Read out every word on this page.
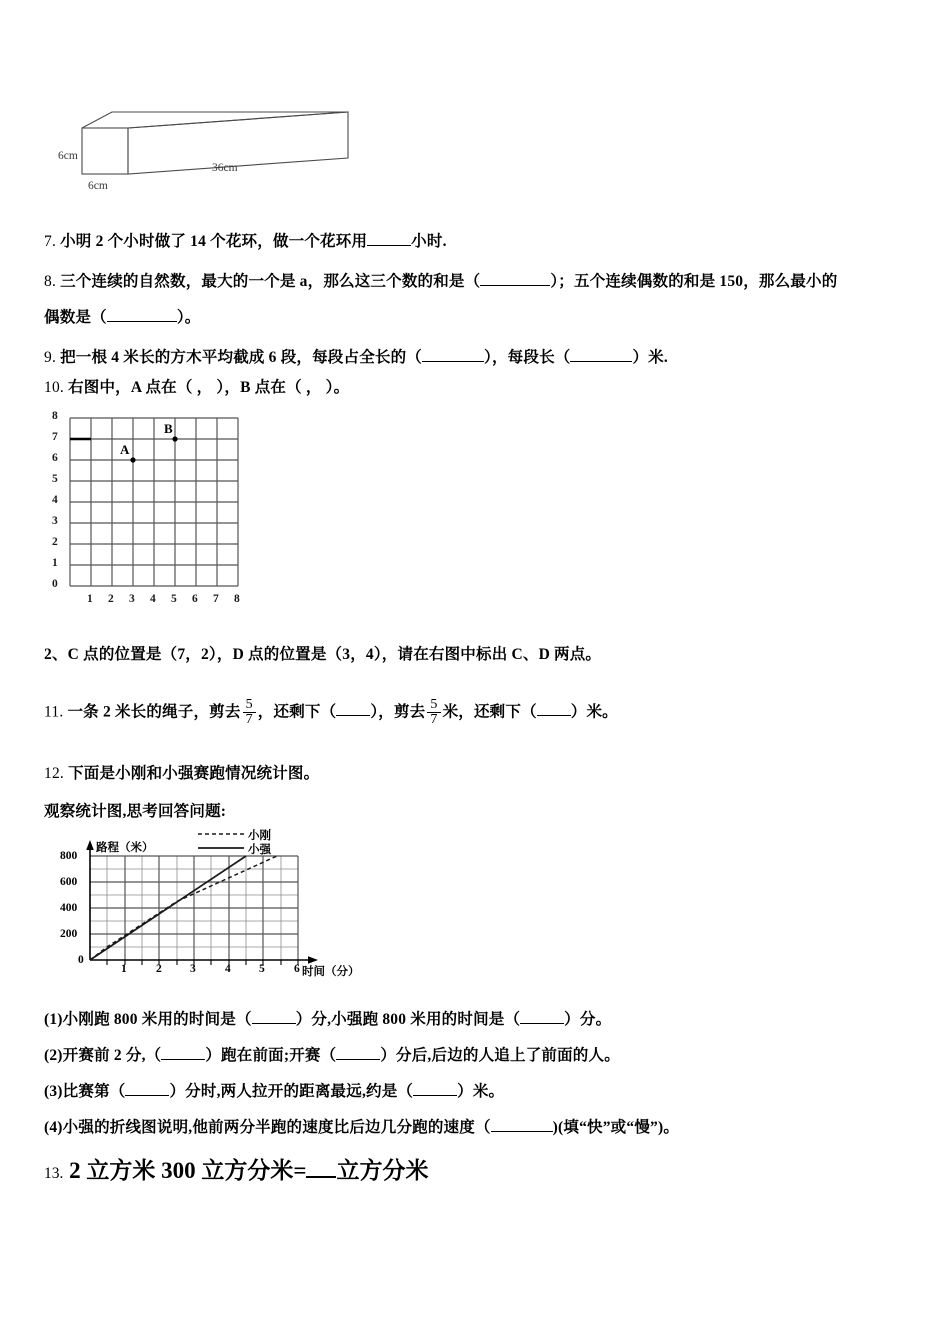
6cm
6cm
36cm
7. 小明 2 个小时做了 14 个花环，做一个花环用	小时.
8. 三个连续的自然数，最大的一个是 a，那么这三个数的和是（	）；五个连续偶数的和是 150，那么最小的
偶数是（	）。
9. 把一根 4 米长的方木平均截成 6 段，每段占全长的（	），每段长（	）米.
10. 右图中，A 点在（ ， ），B 点在（ ， ）。
8
7
6
5
4
3
2
1
0
1 2 3 4 5 6 7 8
A
B
2、C 点的位置是（7，2），D 点的位置是（3，4），请在右图中标出 C、D 两点。
11. 一条 2 米长的绳子，剪去 $\frac{5}{7}$ ，还剩下（ ），剪去 $\frac{5}{7}$ 米，还剩下（ ）米。
12. 下面是小刚和小强赛跑情况统计图。
观察统计图,思考回答问题:
小刚
小强
路程（米）
时间（分）
800
600
400
200
0
1	2 3	4 5	6
(1)小刚跑 800 米用的时间是（	）分,小强跑 800 米用的时间是（	）分。
(2)开赛前 2 分,（	）跑在前面;开赛（	）分后,后边的人追上了前面的人。
(3)比赛第（	）分时,两人拉开的距离最远,约是（	）米。
(4)小强的折线图说明,他前两分半跑的速度比后边几分跑的速度（	)(填“快”或“慢”)。
13. 2 立方米 300 立方分米= 立方分米
